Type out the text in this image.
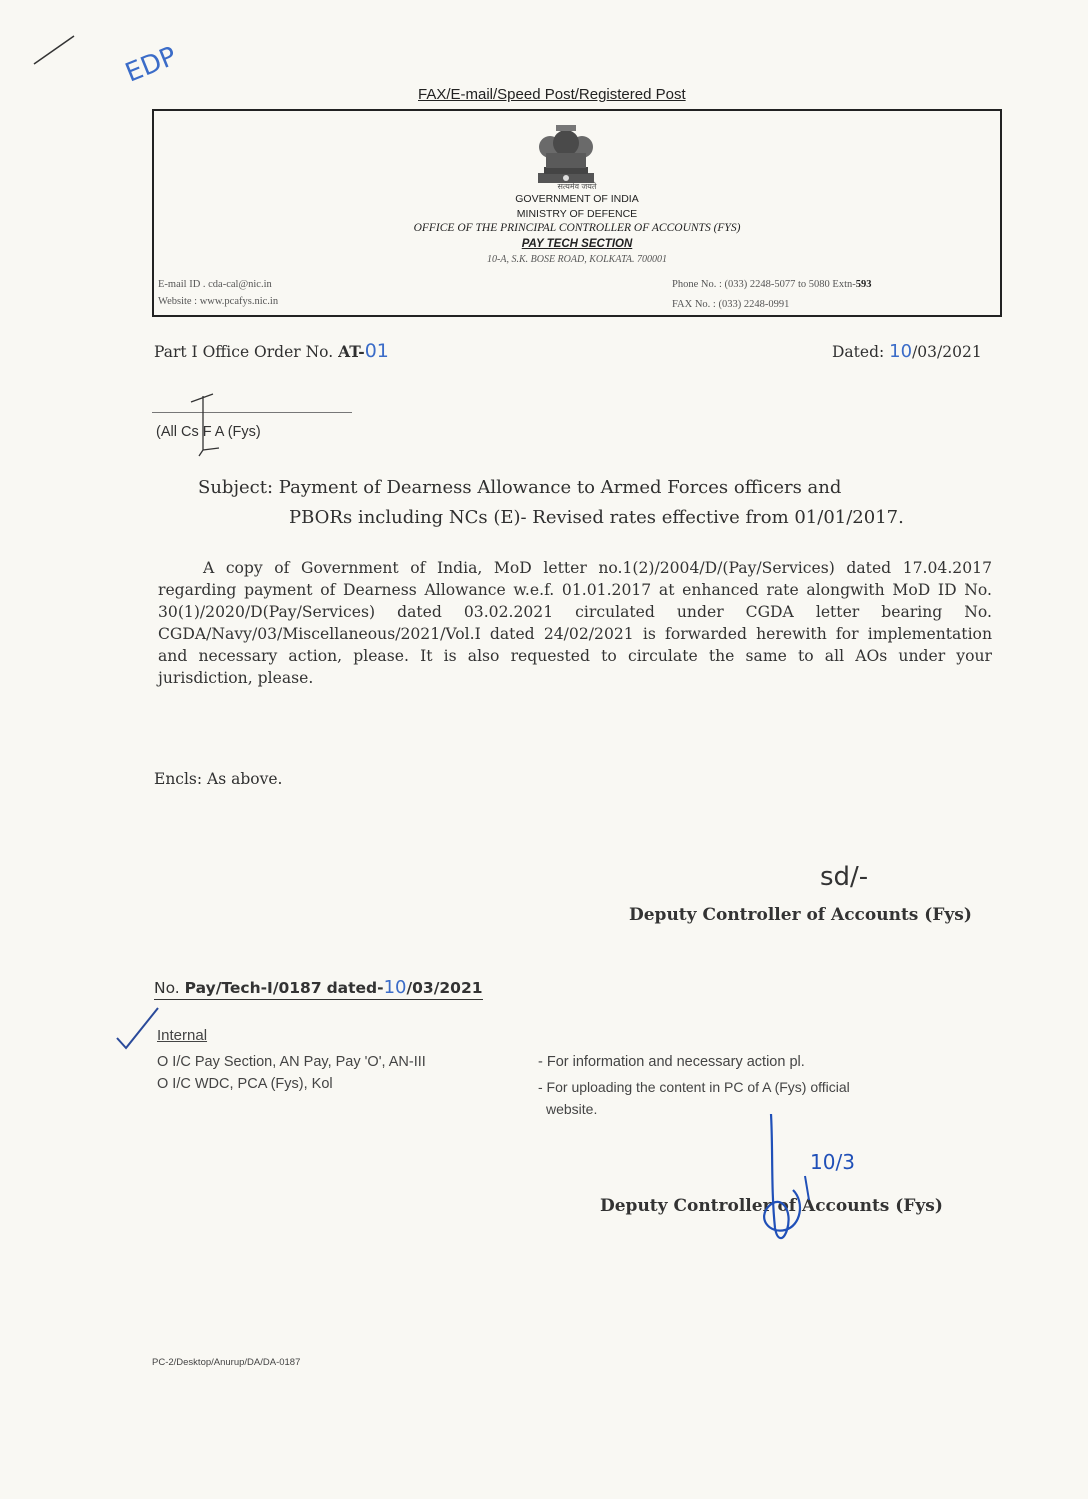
EDP
FAX/E-mail/Speed Post/Registered Post
सत्यमेव जयते
GOVERNMENT OF INDIA
MINISTRY OF DEFENCE
OFFICE OF THE PRINCIPAL CONTROLLER OF ACCOUNTS (FYS)
PAY TECH SECTION
10-A, S.K. BOSE ROAD, KOLKATA. 700001
E-mail ID . cda-cal@nic.in
Website : www.pcafys.nic.in
Phone No. : (033) 2248-5077 to 5080 Extn-593
FAX No. : (033) 2248-0991
Part I Office Order No. AT-01	Dated: 10/03/2021
(All Cs F A (Fys)
Subject: Payment of Dearness Allowance to Armed Forces officers and
PBORs including NCs (E)- Revised rates effective from 01/01/2017.
A copy of Government of India, MoD letter no.1(2)/2004/D/(Pay/Services) dated 17.04.2017 regarding payment of Dearness Allowance w.e.f. 01.01.2017 at enhanced rate alongwith MoD ID No. 30(1)/2020/D(Pay/Services) dated 03.02.2021 circulated under CGDA letter bearing No. CGDA/Navy/03/Miscellaneous/2021/Vol.I dated 24/02/2021 is forwarded herewith for implementation and necessary action, please. It is also requested to circulate the same to all AOs under your jurisdiction, please.
Encls: As above.
sd/-
Deputy Controller of Accounts (Fys)
No. Pay/Tech-I/0187 dated-10/03/2021
Internal
O I/C Pay Section, AN Pay, Pay 'O', AN-III	- For information and necessary action pl.
O I/C WDC, PCA (Fys), Kol	- For uploading the content in PC of A (Fys) official
website.
Deputy Controller of Accounts (Fys)
10/3
PC-2/Desktop/Anurup/DA/DA-0187
